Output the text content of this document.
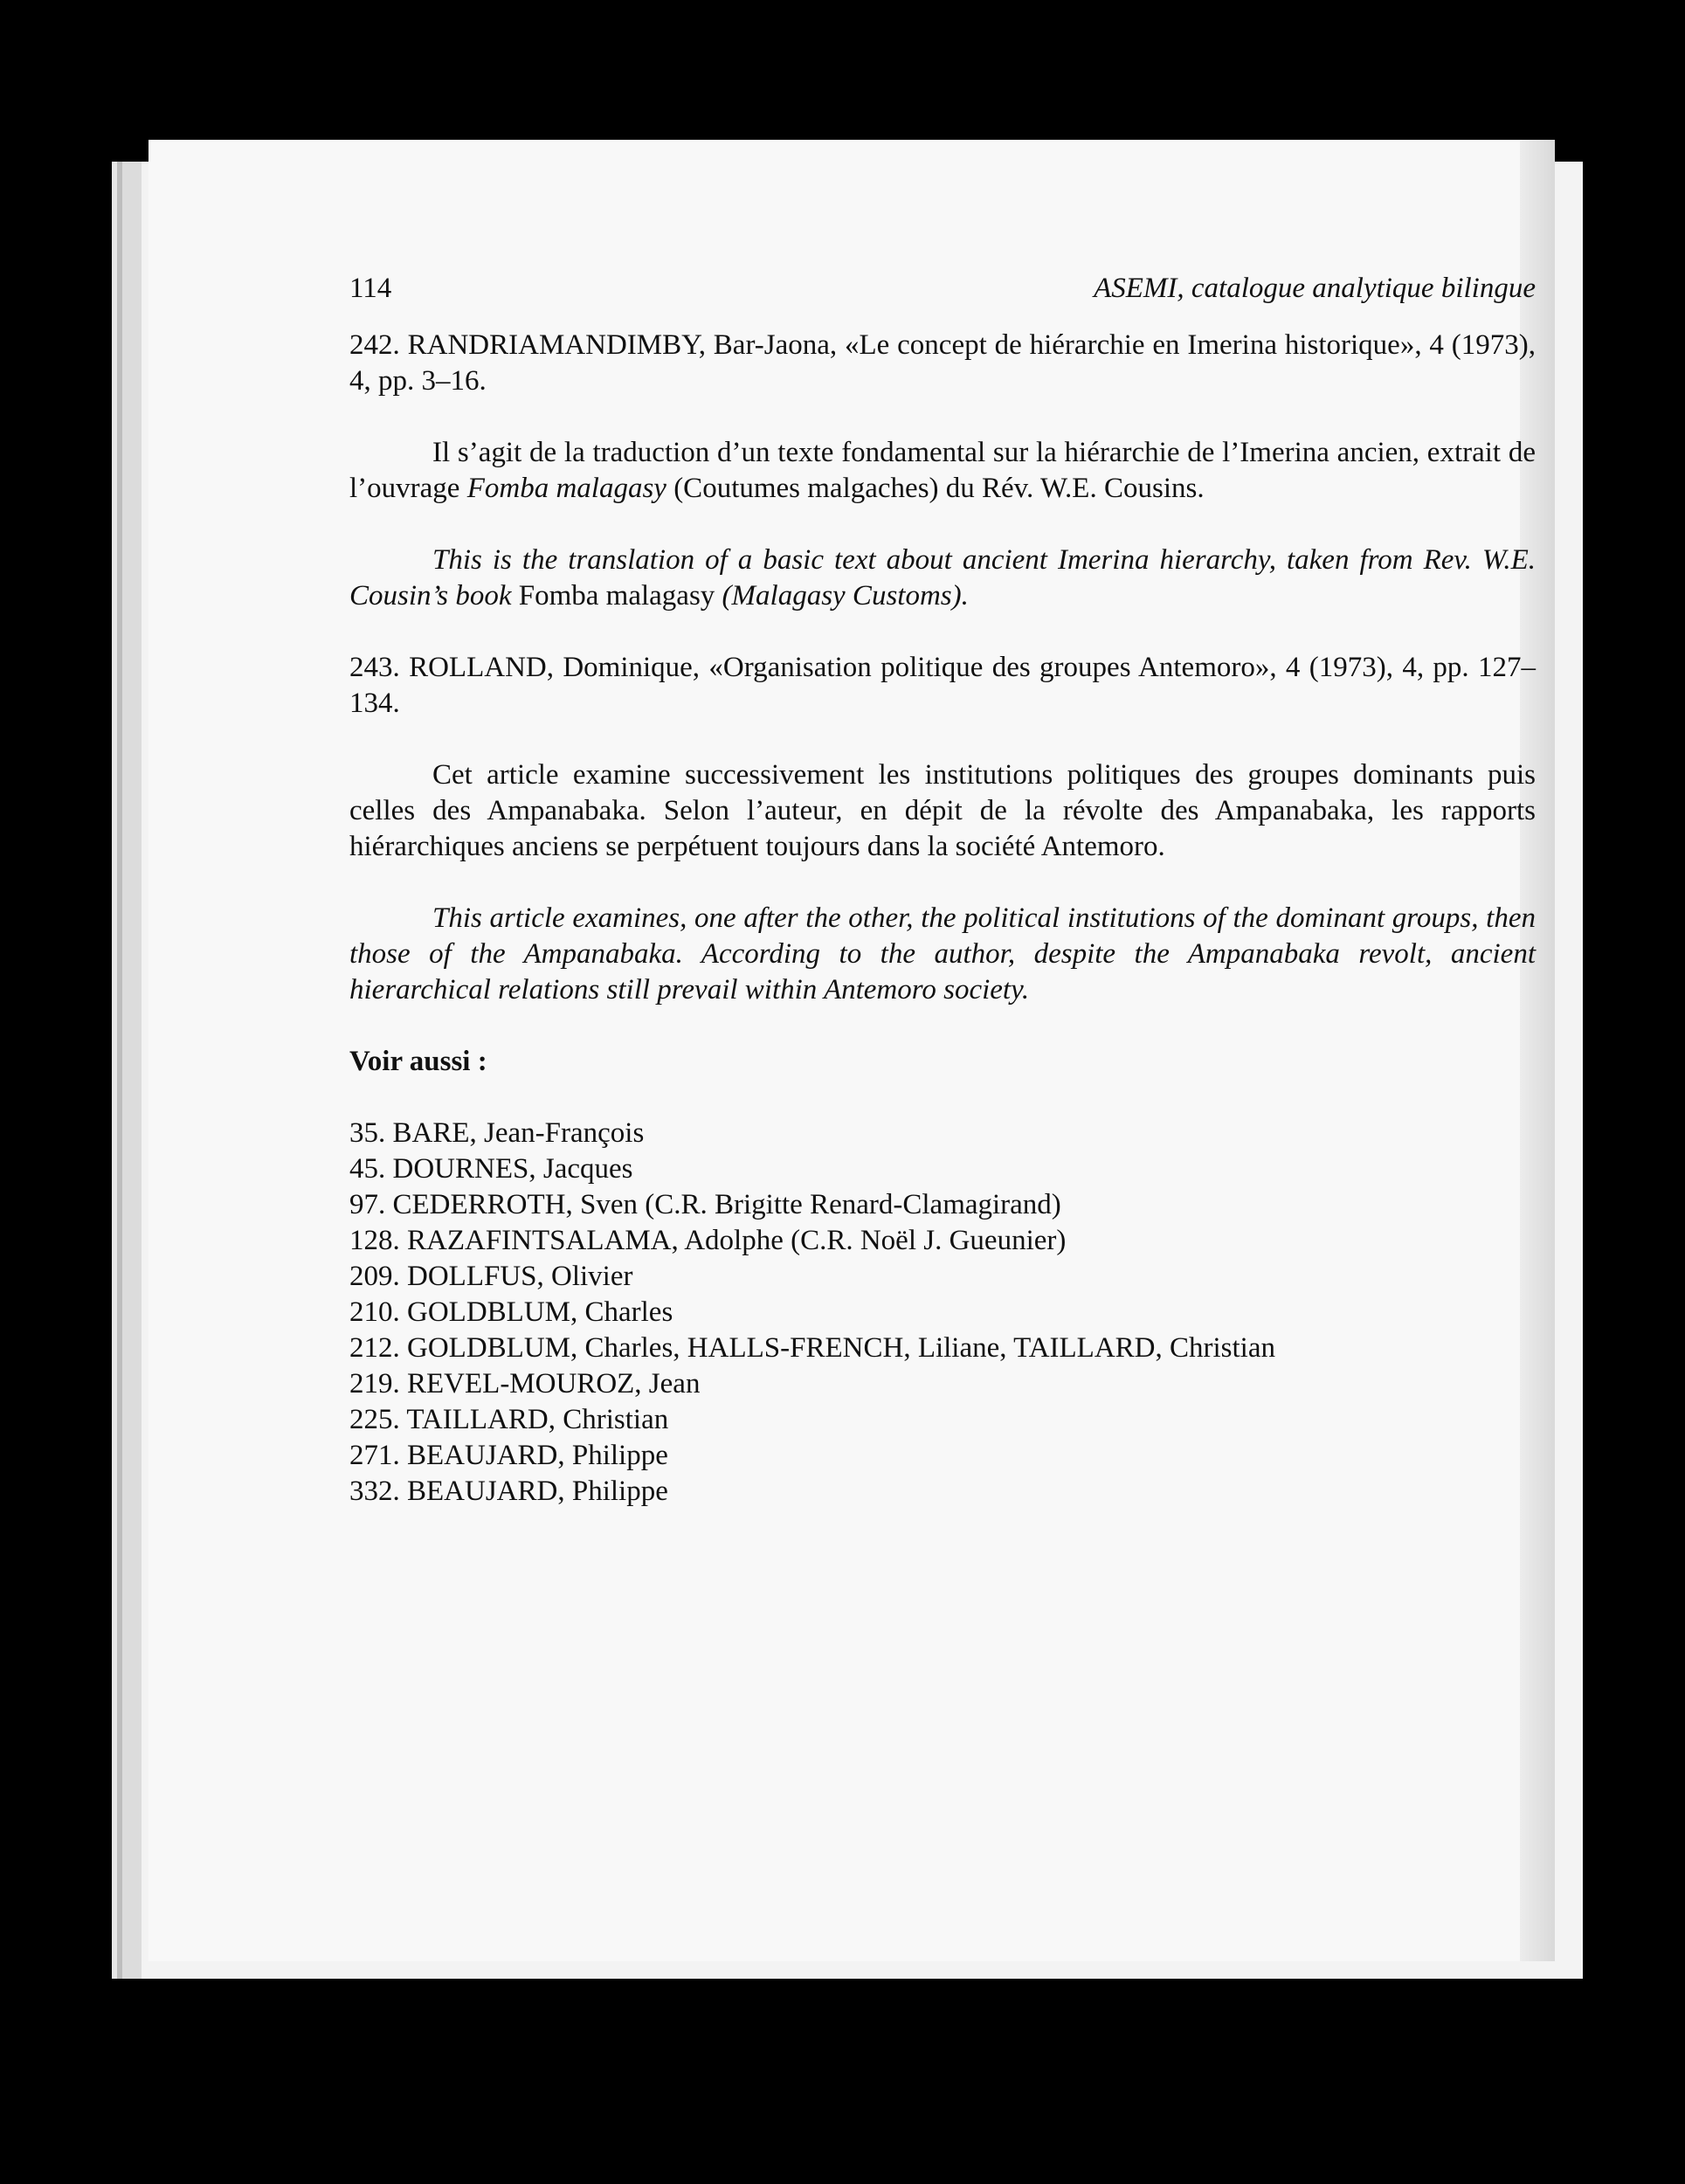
114	ASEMI, catalogue analytique bilingue

242. RANDRIAMANDIMBY, Bar-Jaona, «Le concept de hiérarchie en Imerina historique», 4 (1973), 4, pp. 3–16.

Il s’agit de la traduction d’un texte fondamental sur la hiérarchie de l’Imerina ancien, extrait de l’ouvrage Fomba malagasy (Coutumes malgaches) du Rév. W.E. Cousins.

This is the translation of a basic text about ancient Imerina hierarchy, taken from Rev. W.E. Cousin’s book Fomba malagasy (Malagasy Customs).

243. ROLLAND, Dominique, «Organisation politique des groupes Antemoro», 4 (1973), 4, pp. 127–134.

Cet article examine successivement les institutions politiques des groupes dominants puis celles des Ampanabaka. Selon l’auteur, en dépit de la révolte des Ampanabaka, les rapports hiérarchiques anciens se perpétuent toujours dans la société Antemoro.

This article examines, one after the other, the political institutions of the dominant groups, then those of the Ampanabaka. According to the author, despite the Ampanabaka revolt, ancient hierarchical relations still prevail within Antemoro society.

Voir aussi :

35. BARE, Jean-François
45. DOURNES, Jacques
97. CEDERROTH, Sven (C.R. Brigitte Renard-Clamagirand)
128. RAZAFINTSALAMA, Adolphe (C.R. Noël J. Gueunier)
209. DOLLFUS, Olivier
210. GOLDBLUM, Charles
212. GOLDBLUM, Charles, HALLS-FRENCH, Liliane, TAILLARD, Christian
219. REVEL-MOUROZ, Jean
225. TAILLARD, Christian
271. BEAUJARD, Philippe
332. BEAUJARD, Philippe
